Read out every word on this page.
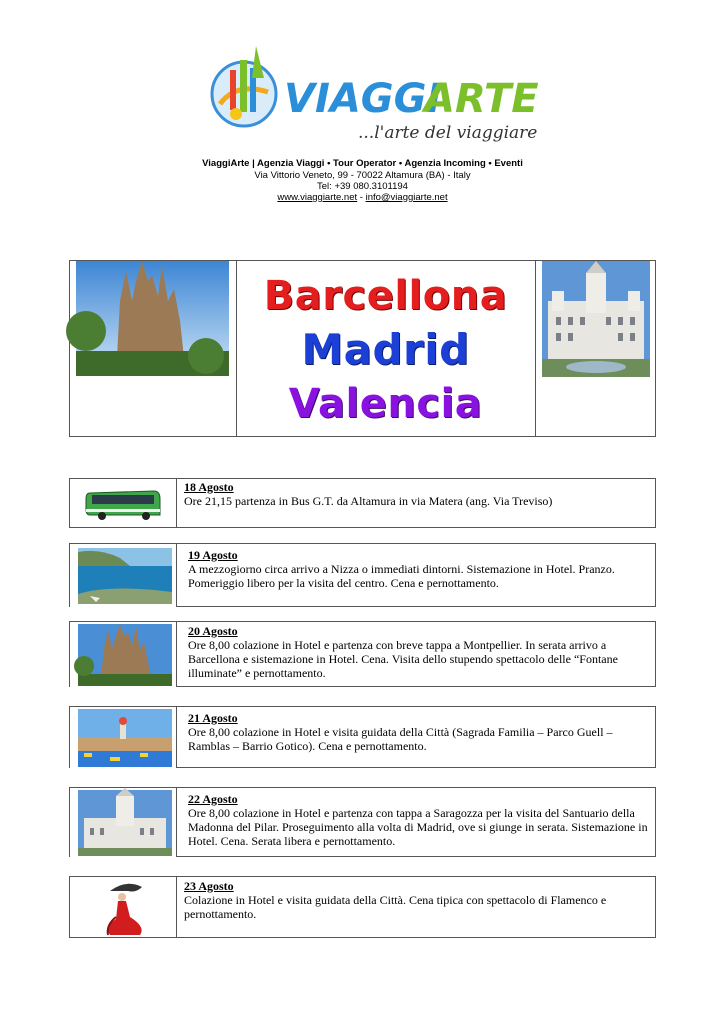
VIAGGI
ARTE
...l'arte del viaggiare
ViaggiArte | Agenzia Viaggi • Tour Operator • Agenzia Incoming • Eventi
Via Vittorio Veneto, 99 - 70022 Altamura (BA) - Italy
Tel: +39 080.3101194
www.viaggiarte.net - info@viaggiarte.net
Barcellona
Madrid
Valencia
18 Agosto
Ore 21,15 partenza in Bus G.T. da Altamura in via Matera (ang. Via Treviso)
19 Agosto
A mezzogiorno circa arrivo a Nizza o immediati dintorni. Sistemazione in Hotel. Pranzo. Pomeriggio libero per la visita del centro. Cena e pernottamento.
20 Agosto
Ore 8,00 colazione in Hotel e partenza con breve tappa a Montpellier. In serata arrivo a Barcellona e sistemazione in Hotel. Cena. Visita dello stupendo spettacolo delle “Fontane illuminate” e pernottamento.
21 Agosto
Ore 8,00 colazione in Hotel e visita guidata della Città (Sagrada Familia – Parco Guell – Ramblas – Barrio Gotico). Cena e pernottamento.
22 Agosto
Ore 8,00 colazione in Hotel e partenza con tappa a Saragozza per la visita del Santuario della Madonna del Pilar. Proseguimento alla volta di Madrid, ove si giunge in serata. Sistemazione in Hotel. Cena. Serata libera e pernottamento.
23 Agosto
Colazione in Hotel e visita guidata della Città. Cena tipica con spettacolo di Flamenco e pernottamento.
